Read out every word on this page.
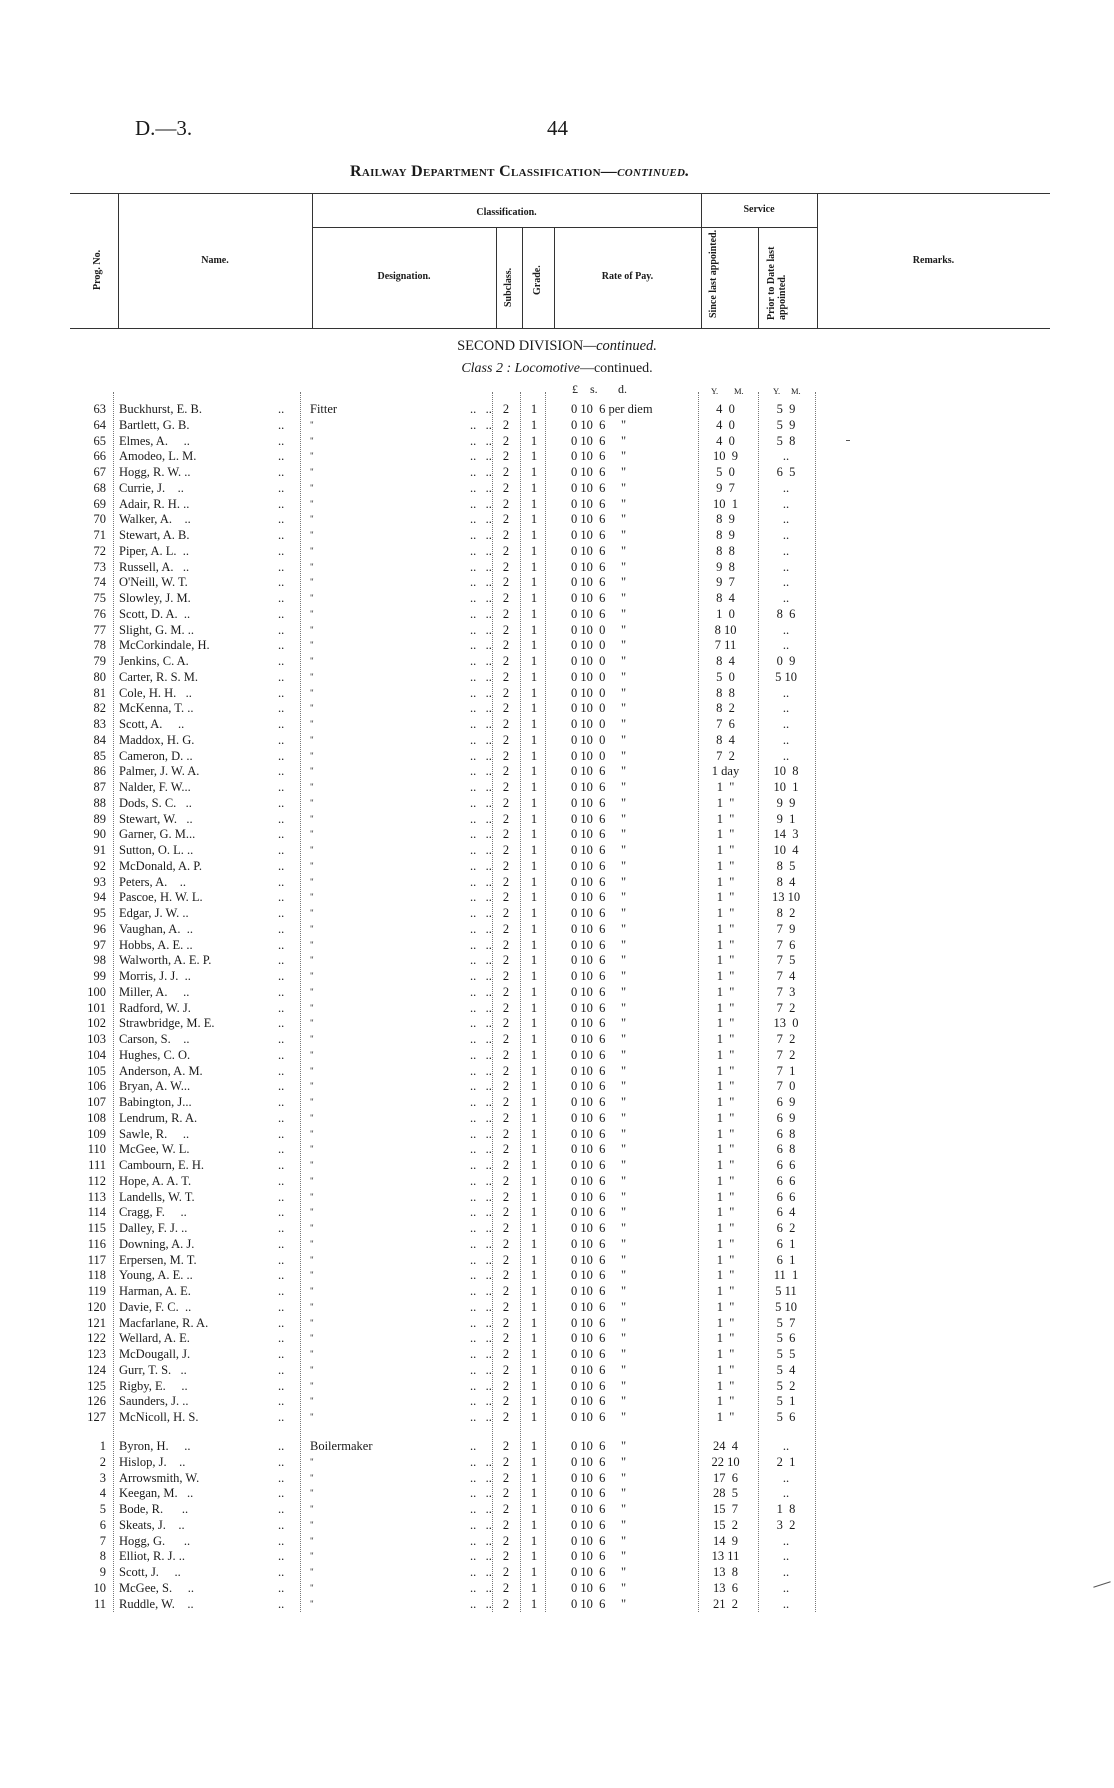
D.—3.	44
Railway Department Classification—continued.
Prog. No.	Name.
Classification.
Designation.	Subclass. Grade.	Rate of Pay.
Service
Since last appointed.	Prior to Date last appointed.
Remarks.
SECOND DIVISION—continued.
Class 2 : Locomotive—continued.
£ s. d.	Y. M.	Y. M.
63 Buckhurst, E. B.	.. Fitter	..   .. 2	1	0 10  6 per diem	4  0	5  9
64 Bartlett, G. B.	..	"	..   .. 2	1	0 10  6     "	4  0	5  9
65 Elmes, A.     ..	..	"	..   .. 2	1	0 10  6     "	4  0	5  8
66 Amodeo, L. M.	..	"	..   .. 2	1	0 10  6     "	10  9	..
67 Hogg, R. W. ..	..	"	..   .. 2	1	0 10  6     "	5  0	6  5
68 Currie, J.    ..	..	"	..   .. 2	1	0 10  6     "	9  7	..
69 Adair, R. H. ..	..	"	..   .. 2	1	0 10  6     "	10  1	..
70 Walker, A.    ..	..	"	..   .. 2	1	0 10  6     "	8  9	..
71 Stewart, A. B.	..	"	..   .. 2	1	0 10  6     "	8  9	..
72 Piper, A. L.  ..	..	"	..   .. 2	1	0 10  6     "	8  8	..
73 Russell, A.   ..	..	"	..   .. 2	1	0 10  6     "	9  8	..
74 O'Neill, W. T.	..	"	..   .. 2	1	0 10  6     "	9  7	..
75 Slowley, J. M.	..	"	..   .. 2	1	0 10  6     "	8  4	..
76 Scott, D. A.  ..	..	"	..   .. 2	1	0 10  6     "	1  0	8  6
77 Slight, G. M. ..	..	"	..   .. 2	1	0 10  0     "	8 10	..
78 McCorkindale, H.	..	"	..   .. 2	1	0 10  0     "	7 11	..
79 Jenkins, C. A.	..	"	..   .. 2	1	0 10  0     "	8  4	0  9
80 Carter, R. S. M.	..	"	..   .. 2	1	0 10  0     "	5  0	5 10
81 Cole, H. H.   ..	..	"	..   .. 2	1	0 10  0     "	8  8	..
82 McKenna, T. ..	..	"	..   .. 2	1	0 10  0     "	8  2	..
83 Scott, A.     ..	..	"	..   .. 2	1	0 10  0     "	7  6	..
84 Maddox, H. G.	..	"	..   .. 2	1	0 10  0     "	8  4	..
85 Cameron, D. ..	..	"	..   .. 2	1	0 10  0     "	7  2	..
86 Palmer, J. W. A.	..	"	..   .. 2	1	0 10  6     "	1 day	10  8
87 Nalder, F. W...	..	"	..   .. 2	1	0 10  6     "	1  "	10  1
88 Dods, S. C.   ..	..	"	..   .. 2	1	0 10  6     "	1  "	9  9
89 Stewart, W.   ..	..	"	..   .. 2	1	0 10  6     "	1  "	9  1
90 Garner, G. M...	..	"	..   .. 2	1	0 10  6     "	1  "	14  3
91 Sutton, O. L. ..	..	"	..   .. 2	1	0 10  6     "	1  "	10  4
92 McDonald, A. P.	..	"	..   .. 2	1	0 10  6     "	1  "	8  5
93 Peters, A.    ..	..	"	..   .. 2	1	0 10  6     "	1  "	8  4
94 Pascoe, H. W. L.	..	"	..   .. 2	1	0 10  6     "	1  "	13 10
95 Edgar, J. W. ..	..	"	..   .. 2	1	0 10  6     "	1  "	8  2
96 Vaughan, A.  ..	..	"	..   .. 2	1	0 10  6     "	1  "	7  9
97 Hobbs, A. E. ..	..	"	..   .. 2	1	0 10  6     "	1  "	7  6
98 Walworth, A. E. P.	..	"	..   .. 2	1	0 10  6     "	1  "	7  5
99 Morris, J. J.  ..	..	"	..   .. 2	1	0 10  6     "	1  "	7  4
100 Miller, A.     ..	..	"	..   .. 2	1	0 10  6     "	1  "	7  3
101 Radford, W. J.	..	"	..   .. 2	1	0 10  6     "	1  "	7  2
102 Strawbridge, M. E.	..	"	..   .. 2	1	0 10  6     "	1  "	13  0
103 Carson, S.    ..	..	"	..   .. 2	1	0 10  6     "	1  "	7  2
104 Hughes, C. O.	..	"	..   .. 2	1	0 10  6     "	1  "	7  2
105 Anderson, A. M.	..	"	..   .. 2	1	0 10  6     "	1  "	7  1
106 Bryan, A. W...	..	"	..   .. 2	1	0 10  6     "	1  "	7  0
107 Babington, J...	..	"	..   .. 2	1	0 10  6     "	1  "	6  9
108 Lendrum, R. A.	..	"	..   .. 2	1	0 10  6     "	1  "	6  9
109 Sawle, R.     ..	..	"	..   .. 2	1	0 10  6     "	1  "	6  8
110 McGee, W. L.	..	"	..   .. 2	1	0 10  6     "	1  "	6  8
111 Cambourn, E. H.	..	"	..   .. 2	1	0 10  6     "	1  "	6  6
112 Hope, A. A. T.	..	"	..   .. 2	1	0 10  6     "	1  "	6  6
113 Landells, W. T.	..	"	..   .. 2	1	0 10  6     "	1  "	6  6
114 Cragg, F.     ..	..	"	..   .. 2	1	0 10  6     "	1  "	6  4
115 Dalley, F. J. ..	..	"	..   .. 2	1	0 10  6     "	1  "	6  2
116 Downing, A. J.	..	"	..   .. 2	1	0 10  6     "	1  "	6  1
117 Erpersen, M. T.	..	"	..   .. 2	1	0 10  6     "	1  "	6  1
118 Young, A. E. ..	..	"	..   .. 2	1	0 10  6     "	1  "	11  1
119 Harman, A. E.	..	"	..   .. 2	1	0 10  6     "	1  "	5 11
120 Davie, F. C.  ..	..	"	..   .. 2	1	0 10  6     "	1  "	5 10
121 Macfarlane, R. A.	..	"	..   .. 2	1	0 10  6     "	1  "	5  7
122 Wellard, A. E.	..	"	..   .. 2	1	0 10  6     "	1  "	5  6
123 McDougall, J.	..	"	..   .. 2	1	0 10  6     "	1  "	5  5
124 Gurr, T. S.   ..	..	"	..   .. 2	1	0 10  6     "	1  "	5  4
125 Rigby, E.     ..	..	"	..   .. 2	1	0 10  6     "	1  "	5  2
126 Saunders, J. ..	..	"	..   .. 2	1	0 10  6     "	1  "	5  1
127 McNicoll, H. S.	..	"	..   .. 2	1	0 10  6     "	1  "	5  6
1 Byron, H.     ..	.. Boilermaker	..	2	1	0 10  6     "	24  4	..
2 Hislop, J.    ..	..	"	..   .. 2	1	0 10  6     "	22 10	2  1
3 Arrowsmith, W.	..	"	..   .. 2	1	0 10  6     "	17  6	..
4 Keegan, M.   ..	..	"	..   .. 2	1	0 10  6     "	28  5	..
5 Bode, R.      ..	..	"	..   .. 2	1	0 10  6     "	15  7	1  8
6 Skeats, J.    ..	..	"	..   .. 2	1	0 10  6     "	15  2	3  2
7 Hogg, G.      ..	..	"	..   .. 2	1	0 10  6     "	14  9	..
8 Elliot, R. J. ..	..	"	..   .. 2	1	0 10  6     "	13 11	..
9 Scott, J.     ..	..	"	..   .. 2	1	0 10  6     "	13  8	..
10 McGee, S.     ..	..	"	..   .. 2	1	0 10  6     "	13  6	..
11 Ruddle, W.    ..	..	"	..   .. 2	1	0 10  6     "	21  2	..
